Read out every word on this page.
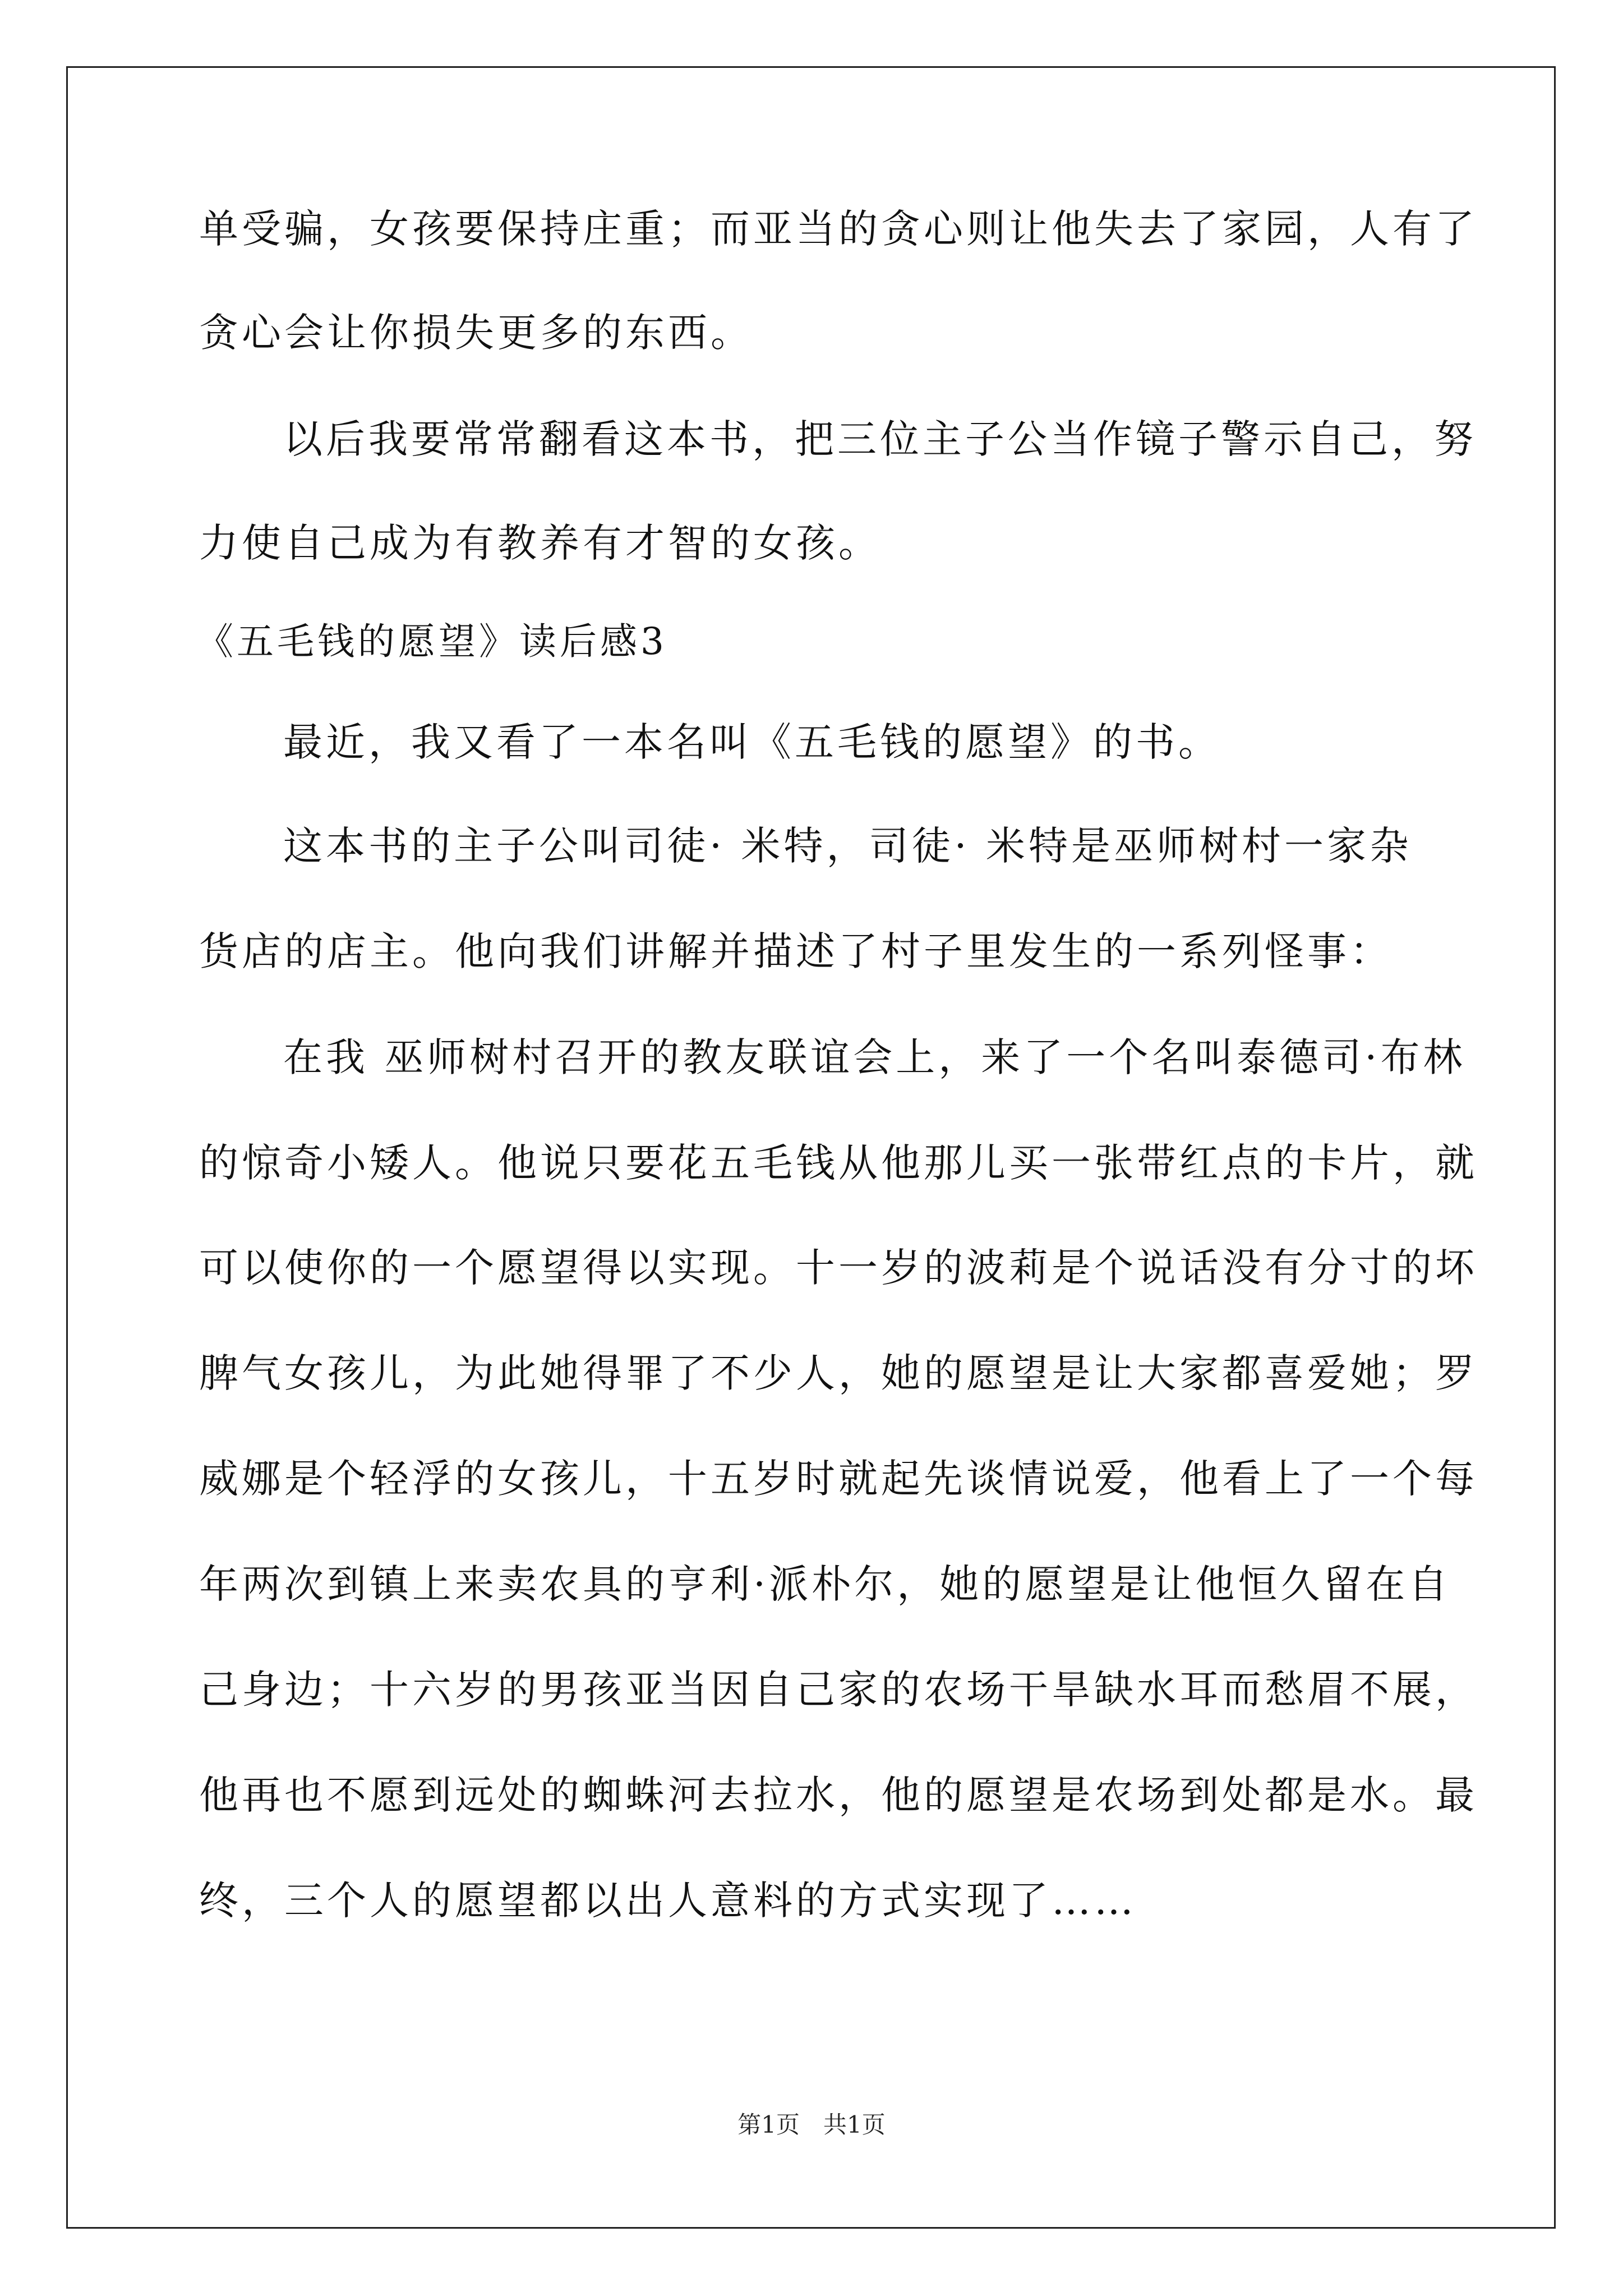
单受骗，女孩要保持庄重；而亚当的贪心则让他失去了家园，人有了
贪心会让你损失更多的东西。
以后我要常常翻看这本书，把三位主子公当作镜子警示自己，努
力使自己成为有教养有才智的女孩。
《五毛钱的愿望》读后感3
最近，我又看了一本名叫《五毛钱的愿望》的书。
这本书的主子公叫司徒· 米特，司徒· 米特是巫师树村一家杂
货店的店主。他向我们讲解并描述了村子里发生的一系列怪事：
在我 巫师树村召开的教友联谊会上，来了一个名叫泰德司·布林
的惊奇小矮人。他说只要花五毛钱从他那儿买一张带红点的卡片，就
可以使你的一个愿望得以实现。十一岁的波莉是个说话没有分寸的坏
脾气女孩儿，为此她得罪了不少人，她的愿望是让大家都喜爱她；罗
威娜是个轻浮的女孩儿，十五岁时就起先谈情说爱，他看上了一个每
年两次到镇上来卖农具的亨利·派朴尔，她的愿望是让他恒久留在自
己身边；十六岁的男孩亚当因自己家的农场干旱缺水耳而愁眉不展，
他再也不愿到远处的蜘蛛河去拉水，他的愿望是农场到处都是水。最
终，三个人的愿望都以出人意料的方式实现了……
第1页　共1页
